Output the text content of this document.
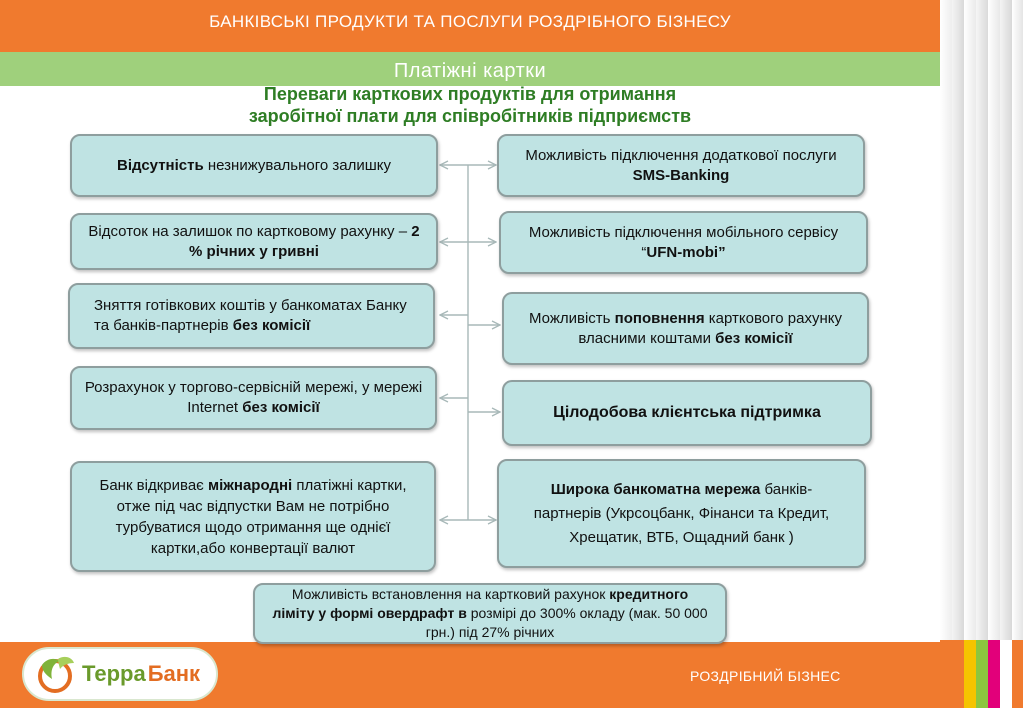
БАНКІВСЬКІ ПРОДУКТИ ТА ПОСЛУГИ РОЗДРІБНОГО БІЗНЕСУ
Платіжні картки
Переваги карткових продуктів для отримання
заробітної плати для співробітників підприємств
Відсутність незнижувального залишку
Відсоток на залишок по картковому рахунку – 2 % річних у гривні
Зняття готівкових коштів у банкоматах Банку та банків-партнерів без комісії
Розрахунок у торгово-сервісній мережі, у мережі Internet без комісії
Банк відкриває міжнародні платіжні картки, отже під час відпустки Вам не потрібно турбуватися щодо отримання ще однієї картки,або конвертації валют
Можливість підключення додаткової послуги SMS-Banking
Можливість підключення мобільного сервісу “UFN-mobi”
Можливість поповнення карткового рахунку власними коштами без комісії
Цілодобова клієнтська підтримка
Широка банкоматна мережа банків-партнерів (Укрсоцбанк, Фінанси та Кредит, Хрещатик, ВТБ, Ощадний банк )
РОЗДРІБНИЙ БІЗНЕС
Можливість встановлення на картковий рахунок кредитного ліміту у формі овердрафт в розмірі до 300% окладу (мак. 50 000 грн.) під 27% річних
Терра Банк
